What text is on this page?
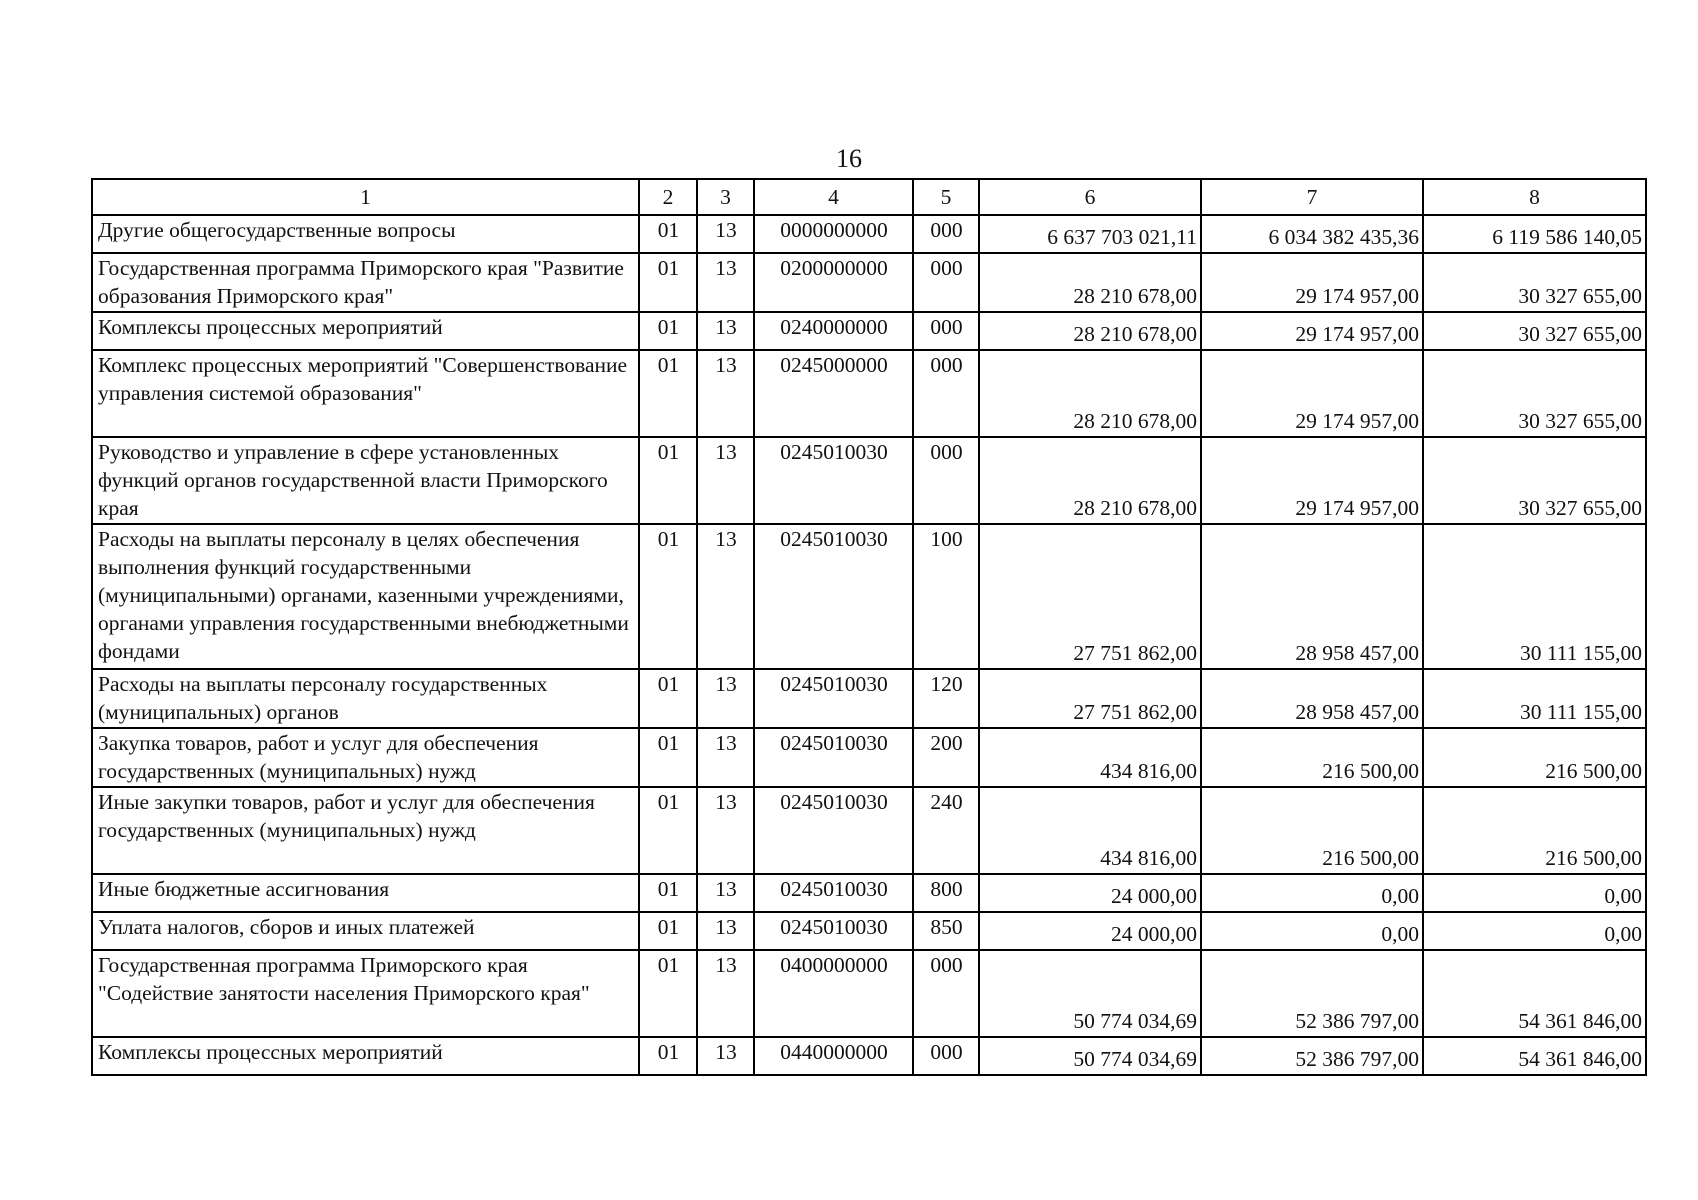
16
1	2	3	4	5	6	7	8
Другие общегосударственные вопросы	01	13	0000000000	000	6 637 703 021,11	6 034 382 435,36	6 119 586 140,05
Государственная программа Приморского края "Развитие образования Приморского края"	01	13	0200000000	000	28 210 678,00	29 174 957,00	30 327 655,00
Комплексы процессных мероприятий	01	13	0240000000	000	28 210 678,00	29 174 957,00	30 327 655,00
Комплекс процессных мероприятий "Совершенствование управления системой образования"	01	13	0245000000	000	28 210 678,00	29 174 957,00	30 327 655,00
Руководство и управление в сфере установленных функций органов государственной власти Приморского края	01	13	0245010030	000	28 210 678,00	29 174 957,00	30 327 655,00
Расходы на выплаты персоналу в целях обеспечения выполнения функций государственными (муниципальными) органами, казенными учреждениями, органами управления государственными внебюджетными фондами	01	13	0245010030	100	27 751 862,00	28 958 457,00	30 111 155,00
Расходы на выплаты персоналу государственных (муниципальных) органов	01	13	0245010030	120	27 751 862,00	28 958 457,00	30 111 155,00
Закупка товаров, работ и услуг для обеспечения государственных (муниципальных) нужд	01	13	0245010030	200	434 816,00	216 500,00	216 500,00
Иные закупки товаров, работ и услуг для обеспечения государственных (муниципальных) нужд	01	13	0245010030	240	434 816,00	216 500,00	216 500,00
Иные бюджетные ассигнования	01	13	0245010030	800	24 000,00	0,00	0,00
Уплата налогов, сборов и иных платежей	01	13	0245010030	850	24 000,00	0,00	0,00
Государственная программа Приморского края "Содействие занятости населения Приморского края"	01	13	0400000000	000	50 774 034,69	52 386 797,00	54 361 846,00
Комплексы процессных мероприятий	01	13	0440000000	000	50 774 034,69	52 386 797,00	54 361 846,00
